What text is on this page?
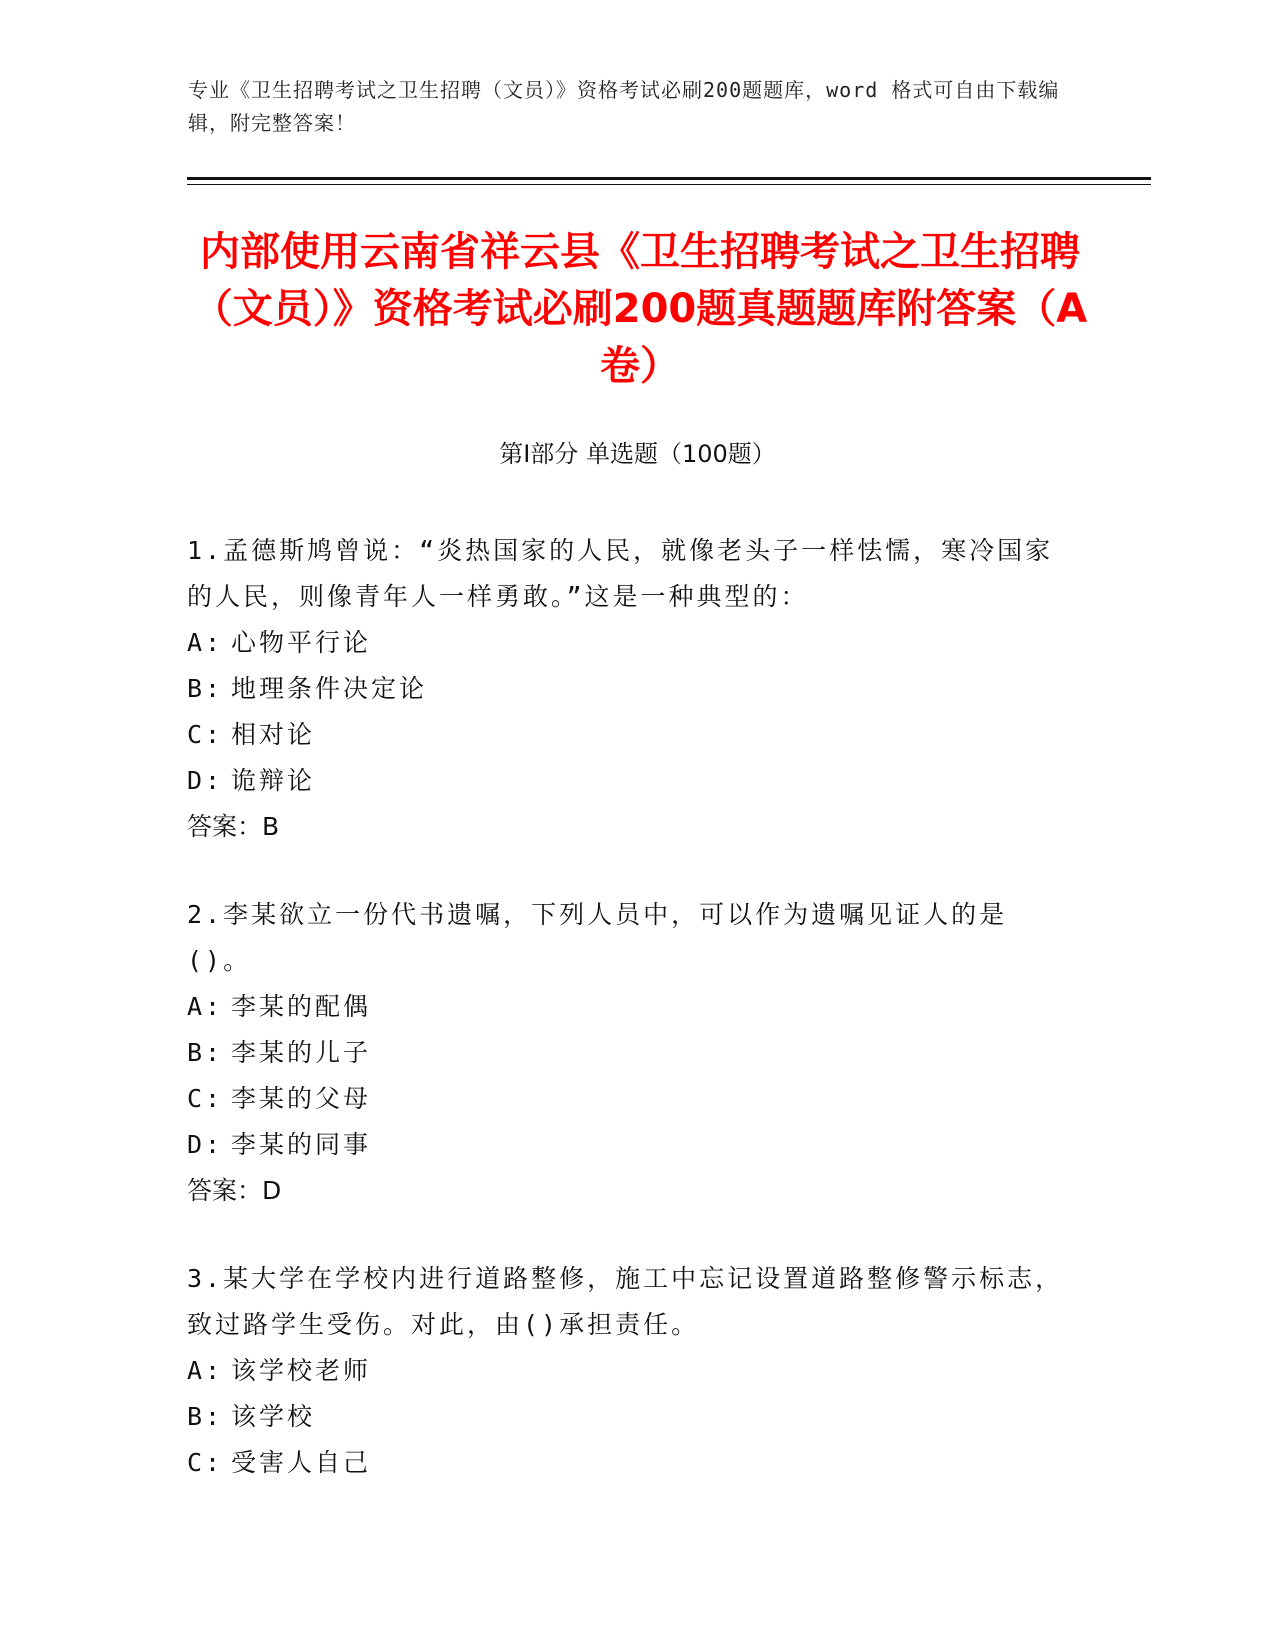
专业《卫生招聘考试之卫生招聘（文员）》资格考试必刷200题题库，word 格式可自由下载编辑，附完整答案！
内部使用云南省祥云县《卫生招聘考试之卫生招聘（文员）》资格考试必刷200题真题题库附答案（A卷）
第Ⅰ部分 单选题（100题）

1.孟德斯鸠曾说：“炎热国家的人民，就像老头子一样怯懦，寒冷国家的人民，则像青年人一样勇敢。”这是一种典型的：

A: 心物平行论
B: 地理条件决定论
C: 相对论
D: 诡辩论
答案：B

2.李某欲立一份代书遗嘱，下列人员中，可以作为遗嘱见证人的是()。

A: 李某的配偶
B: 李某的儿子
C: 李某的父母
D: 李某的同事
答案：D

3.某大学在学校内进行道路整修，施工中忘记设置道路整修警示标志，致过路学生受伤。对此，由()承担责任。

A: 该学校老师
B: 该学校
C: 受害人自己
